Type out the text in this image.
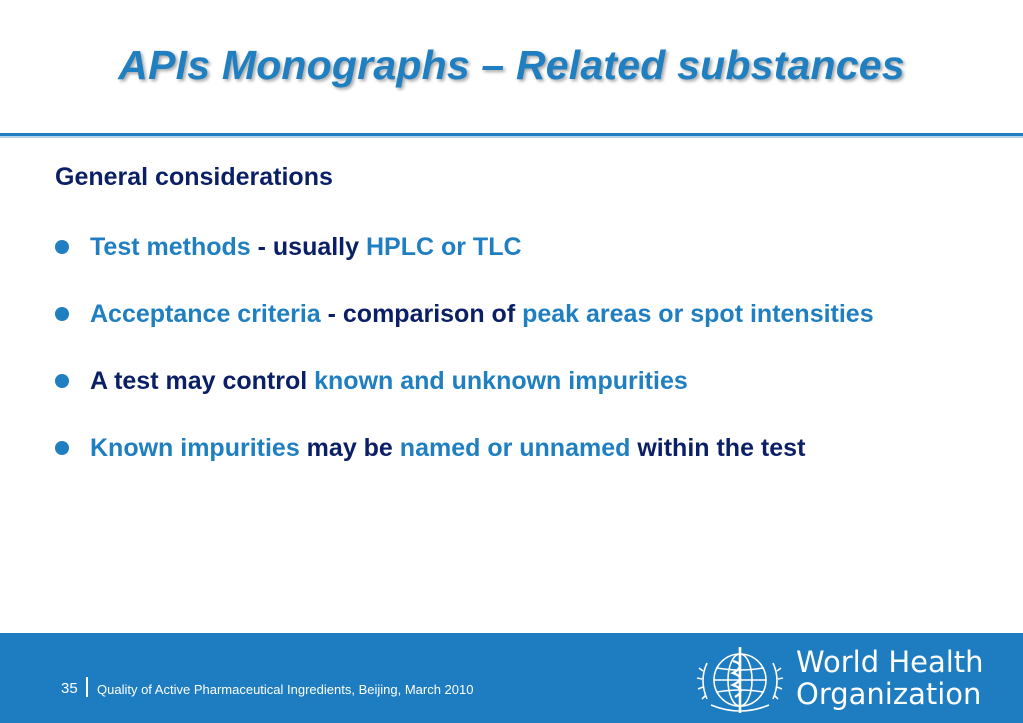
APIs Monographs – Related substances
General considerations
Test methods - usually HPLC or TLC
Acceptance criteria - comparison of peak areas or spot intensities
A test may control known and unknown impurities
Known impurities may be named or unnamed within the test
35 Quality of Active Pharmaceutical Ingredients, Beijing, March 2010
World Health
Organization
